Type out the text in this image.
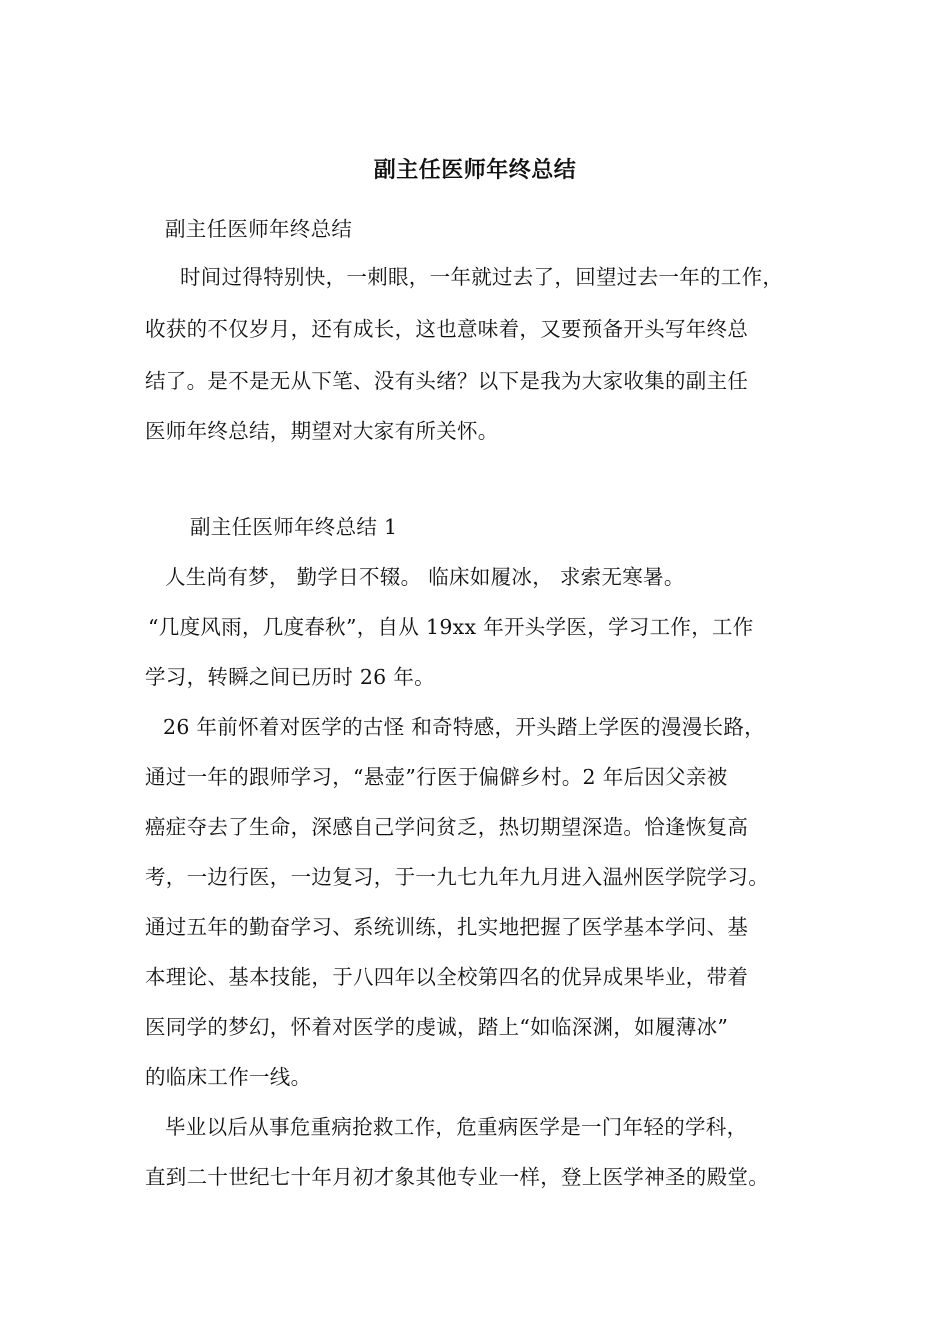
副主任医师年终总结
副主任医师年终总结
时间过得特别快，一刺眼，一年就过去了，回望过去一年的工作，
收获的不仅岁月，还有成长，这也意味着，又要预备开头写年终总
结了。是不是无从下笔、没有头绪？以下是我为大家收集的副主任
医师年终总结，期望对大家有所关怀。
副主任医师年终总结 1
人生尚有梦， 勤学日不辍。 临床如履冰， 求索无寒暑。
“几度风雨，几度春秋”，自从 19xx 年开头学医，学习工作，工作
学习，转瞬之间已历时 26 年。
26 年前怀着对医学的古怪 和奇特感，开头踏上学医的漫漫长路，
通过一年的跟师学习，“悬壶”行医于偏僻乡村。2 年后因父亲被
癌症夺去了生命，深感自己学问贫乏，热切期望深造。恰逢恢复高
考，一边行医，一边复习，于一九七九年九月进入温州医学院学习。
通过五年的勤奋学习、系统训练，扎实地把握了医学基本学问、基
本理论、基本技能，于八四年以全校第四名的优异成果毕业，带着
医同学的梦幻，怀着对医学的虔诚，踏上“如临深渊，如履薄冰”
的临床工作一线。
毕业以后从事危重病抢救工作，危重病医学是一门年轻的学科，
直到二十世纪七十年月初才象其他专业一样，登上医学神圣的殿堂。
